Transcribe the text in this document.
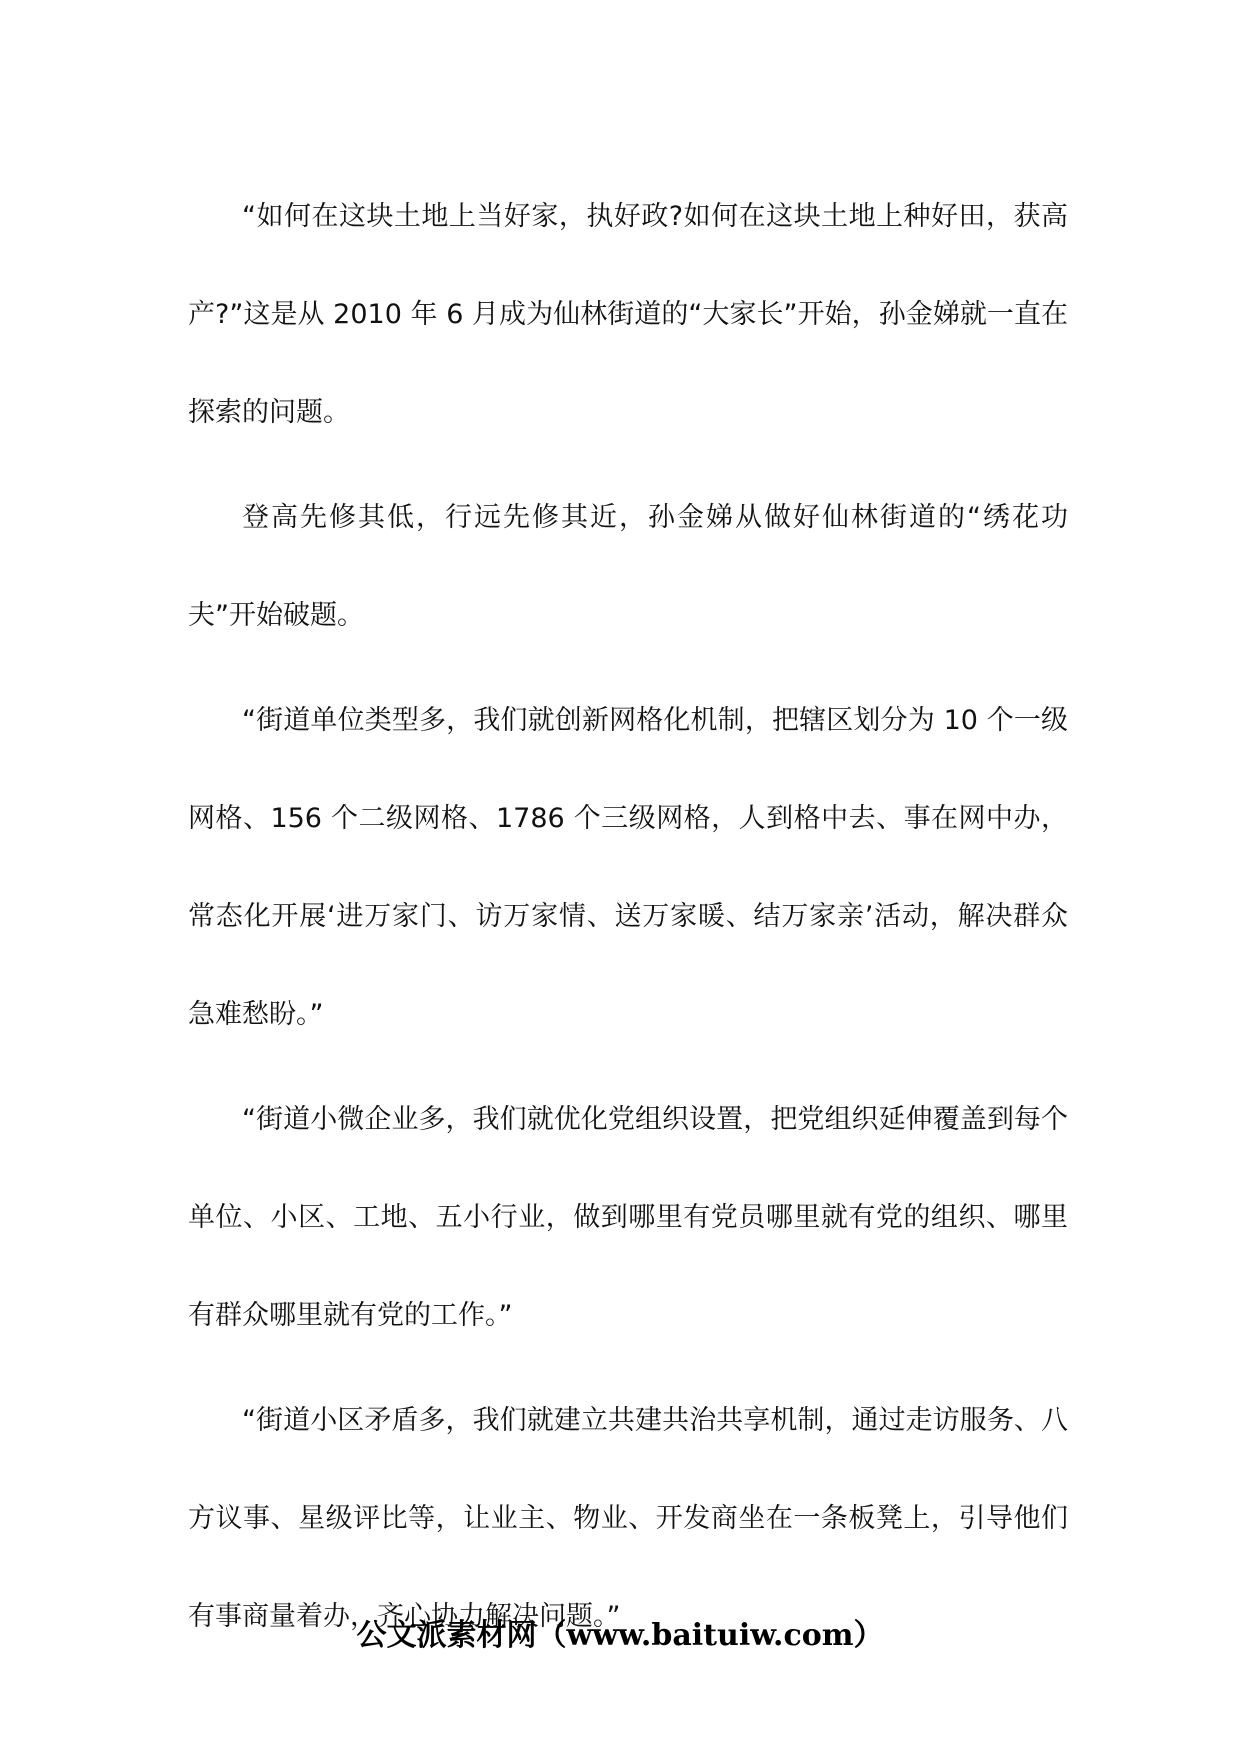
“如何在这块土地上当好家，执好政?如何在这块土地上种好田，获高产?”这是从 2010 年 6 月成为仙林街道的“大家长”开始，孙金娣就一直在探索的问题。

登高先修其低，行远先修其近，孙金娣从做好仙林街道的“绣花功夫”开始破题。

“街道单位类型多，我们就创新网格化机制，把辖区划分为 10 个一级网格、156 个二级网格、1786 个三级网格，人到格中去、事在网中办，常态化开展‘进万家门、访万家情、送万家暖、结万家亲’活动，解决群众急难愁盼。”

“街道小微企业多，我们就优化党组织设置，把党组织延伸覆盖到每个单位、小区、工地、五小行业，做到哪里有党员哪里就有党的组织、哪里有群众哪里就有党的工作。”

“街道小区矛盾多，我们就建立共建共治共享机制，通过走访服务、八方议事、星级评比等，让业主、物业、开发商坐在一条板凳上，引导他们有事商量着办，齐心协力解决问题。”

公文派素材网（www.baituiw.com）
